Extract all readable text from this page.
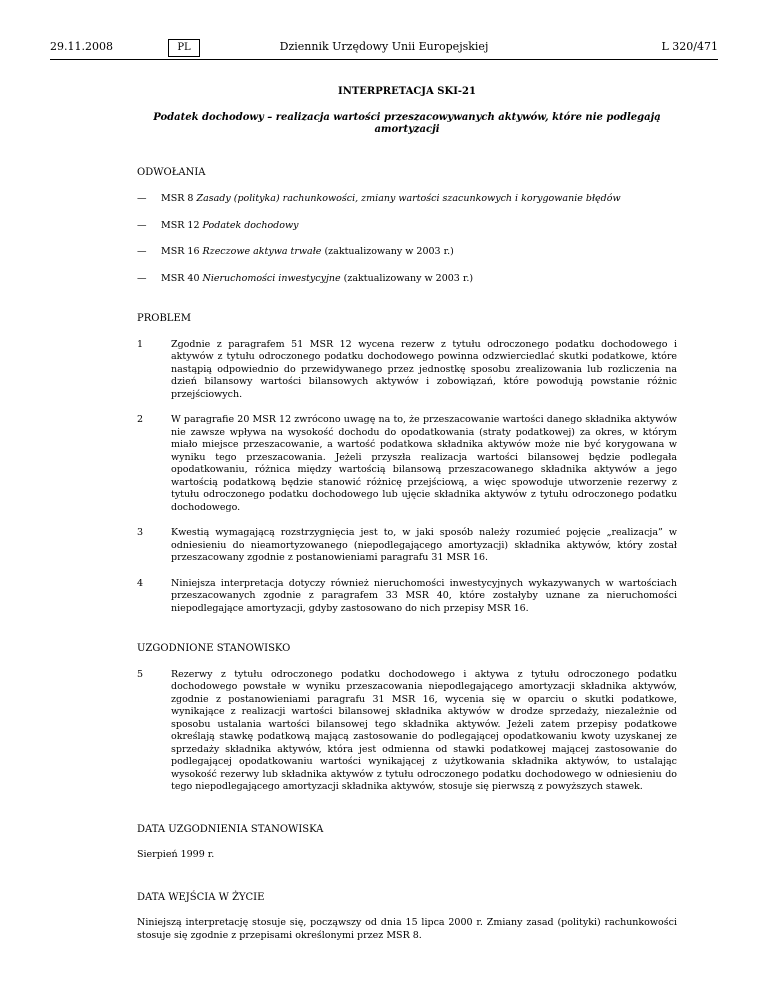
29.11.2008	PL	Dziennik Urzędowy Unii Europejskiej	L 320/471
INTERPRETACJA SKI-21
Podatek dochodowy – realizacja wartości przeszacowywanych aktywów, które nie podlegają amortyzacji
ODWOŁANIA
—	MSR 8 Zasady (polityka) rachunkowości, zmiany wartości szacunkowych i korygowanie błędów
—	MSR 12 Podatek dochodowy
—	MSR 16 Rzeczowe aktywa trwałe (zaktualizowany w 2003 r.)
—	MSR 40 Nieruchomości inwestycyjne (zaktualizowany w 2003 r.)
PROBLEM
1	Zgodnie z paragrafem 51 MSR 12 wycena rezerw z tytułu odroczonego podatku dochodowego i aktywów z tytułu odroczonego podatku dochodowego powinna odzwierciedlać skutki podatkowe, które nastąpią odpowiednio do przewidywanego przez jednostkę sposobu zrealizowania lub rozliczenia na dzień bilansowy wartości bilansowych aktywów i zobowiązań, które powodują powstanie różnic przejściowych.
2	W paragrafie 20 MSR 12 zwrócono uwagę na to, że przeszacowanie wartości danego składnika aktywów nie zawsze wpływa na wysokość dochodu do opodatkowania (straty podatkowej) za okres, w którym miało miejsce przeszacowanie, a wartość podatkowa składnika aktywów może nie być korygowana w wyniku tego przeszacowania. Jeżeli przyszła realizacja wartości bilansowej będzie podlegała opodatkowaniu, różnica między wartością bilansową przeszacowanego składnika aktywów a jego wartością podatkową będzie stanowić różnicę przejściową, a więc spowoduje utworzenie rezerwy z tytułu odroczonego podatku dochodowego lub ujęcie składnika aktywów z tytułu odroczonego podatku dochodowego.
3	Kwestią wymagającą rozstrzygnięcia jest to, w jaki sposób należy rozumieć pojęcie „realizacja” w odniesieniu do nieamortyzowanego (niepodlegającego amortyzacji) składnika aktywów, który został przeszacowany zgodnie z postanowieniami paragrafu 31 MSR 16.
4	Niniejsza interpretacja dotyczy również nieruchomości inwestycyjnych wykazywanych w wartościach przeszacowanych zgodnie z paragrafem 33 MSR 40, które zostałyby uznane za nieruchomości niepodlegające amortyzacji, gdyby zastosowano do nich przepisy MSR 16.
UZGODNIONE STANOWISKO
5	Rezerwy z tytułu odroczonego podatku dochodowego i aktywa z tytułu odroczonego podatku dochodowego powstałe w wyniku przeszacowania niepodlegającego amortyzacji składnika aktywów, zgodnie z postanowieniami paragrafu 31 MSR 16, wycenia się w oparciu o skutki podatkowe, wynikające z realizacji wartości bilansowej składnika aktywów w drodze sprzedaży, niezależnie od sposobu ustalania wartości bilansowej tego składnika aktywów. Jeżeli zatem przepisy podatkowe określają stawkę podatkową mającą zastosowanie do podlegającej opodatkowaniu kwoty uzyskanej ze sprzedaży składnika aktywów, która jest odmienna od stawki podatkowej mającej zastosowanie do podlegającej opodatkowaniu wartości wynikającej z użytkowania składnika aktywów, to ustalając wysokość rezerwy lub składnika aktywów z tytułu odroczonego podatku dochodowego w odniesieniu do tego niepodlegającego amortyzacji składnika aktywów, stosuje się pierwszą z powyższych stawek.
DATA UZGODNIENIA STANOWISKA
Sierpień 1999 r.
DATA WEJŚCIA W ŻYCIE
Niniejszą interpretację stosuje się, począwszy od dnia 15 lipca 2000 r. Zmiany zasad (polityki) rachunkowości stosuje się zgodnie z przepisami określonymi przez MSR 8.
